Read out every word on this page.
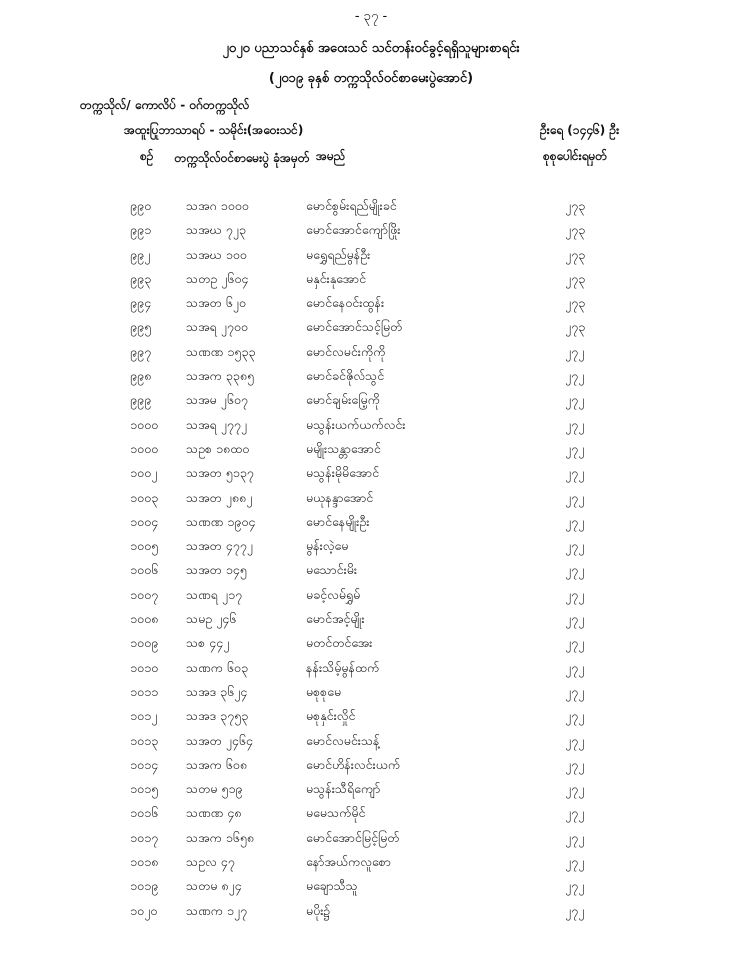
- ၃၇ -
၂၀၂၀ ပညာသင်နှစ် အဝေးသင် သင်တန်းဝင်ခွင့်ရရှိသူများစာရင်း
(၂၀၁၉ ခုနှစ် တက္ကသိုလ်ဝင်စာမေးပွဲအောင်)
တက္ကသိုလ်/ ကောလိပ် - ဝဂ်တက္ကသိုလ်
အထူးပြုဘာသာရပ် - သမိုင်း(အဝေးသင်)	ဦးရေ (၁၄၄၆) ဦး
စဉ် တက္ကသိုလ်ဝင်စာမေးပွဲ ခုံအမှတ် အမည်	စုစုပေါင်းရမှတ်
၉၉၀	သအဂ ၁၀၀၀	မောင်စွမ်းရည်မျိုးခင်	၂၇၃
၉၉၁	သအဃ ၇၂၃	မောင်အောင်ကျော်ဖြိုး	၂၇၃
၉၉၂	သအဃ ၁၀၀	မရွှေရည်မွန်ဦး	၂၇၃
၉၉၃	သတဥ ၂၆၀၄	မနှင်းနုအောင်	၂၇၃
၉၉၄	သအတ ၆၂၀	မောင်နေဝင်းထွန်း	၂၇၃
၉၉၅	သအရ ၂၇၀၀	မောင်အောင်သင့်မြတ်	၂၇၃
၉၉၇	သဏဏ ၁၅၃၃	မောင်လမင်းကိုကို	၂၇၂
၉၉၈	သအက ၃၃၈၅	မောင်ခင်ဇိုလ်သွင်	၂၇၂
၉၉၉	သအမ ၂၆၀၇	မောင်ချမ်းမြေ့ကို	၂၇၂
၁၀၀၀ သအရ ၂၇၇၂	မသွန်းယက်ယက်လင်း	၂၇၂
၁၀၀၀ သဥစ ၁၈ထ၀	မမျိုးသန္တာအောင်	၂၇၂
၁၀၀၂ သအတ ၅၁၃၇	မသွန်းမိုမိအောင်	၂၇၂
၁၀၀၃ သအတ ၂၈၈၂	မယုနန္ဒာအောင်	၂၇၂
၁၀၀၄ သဏဏ ၁၉၀၄	မောင်နေမျိုးဦး	၂၇၂
၁၀၀၅ သအတ ၄၇၇၂	မွန်းလဲ့မေ	၂၇၂
၁၀၀၆ သအတ ၁၄၅	မသောင်းမိး	၂၇၂
၁၀၀၇ သဏရ ၂၁၇	မခင့်လမ်ရွှမ်	၂၇၂
၁၀၀၈ သမဥ ၂၄၆	မောင်အင့်မျိုး	၂၇၂
၁၀၀၉ သစ ၄၄၂	မတင်တင်အေး	၂၇၂
၁၀၁၀ သဏက ၆၀၃	နန်းသိမ့်မွန်ထက်	၂၇၂
၁၀၁၁ သအဒ ၃၆၂၄	မစုစုမေ	၂၇၂
၁၀၁၂ သအဒ ၃၇၅၃	မစုနှင်းလှိုင်	၂၇၂
၁၀၁၃ သအတ ၂၄၆၄	မောင်လမင်းသန့်	၂၇၂
၁၀၁၄ သအက ၆၀၈	မောင်ဟိန်းလင်းယက်	၂၇၂
၁၀၁၅ သတမ ၅၁၉	မသွန်းသီရိကျော်	၂၇၂
၁၀၁၆ သဏဏ ၄၈	မမေသက်မိုင်	၂၇၂
၁၀၁၇ သအက ၁၆၅၈	မောင်အောင်မြင့်မြတ်	၂၇၂
၁၀၁၈ သဥလ ၄၇	နော်အယ်ကလူစော	၂၇၂
၁၀၁၉ သတမ ၈၂၄	မချောသီသူ	၂၇၂
၁၀၂၀ သဏက ၁၂၇	မပိုး၌	၂၇၂
